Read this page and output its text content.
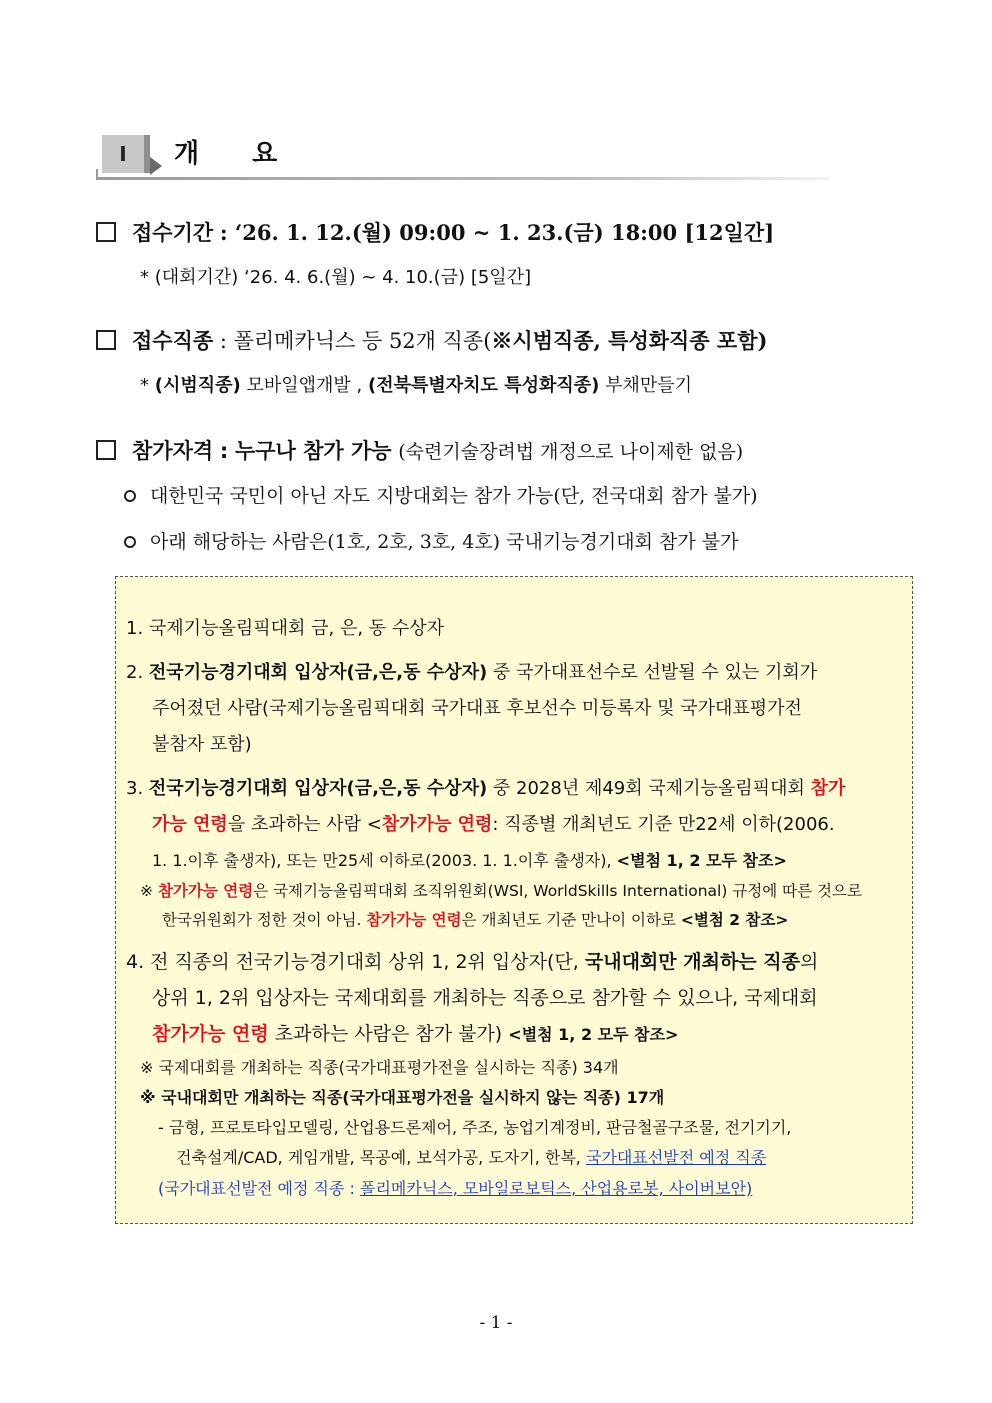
Ⅰ	개 요
접수기간 : ‘26. 1. 12.(월) 09:00 ~ 1. 23.(금) 18:00 [12일간]
* (대회기간) ‘26. 4. 6.(월) ~ 4. 10.(금) [5일간]
접수직종 : 폴리메카닉스 등 52개 직종(※시범직종, 특성화직종 포함)
* (시범직종) 모바일앱개발 , (전북특별자치도 특성화직종) 부채만들기
참가자격 : 누구나 참가 가능 (숙련기술장려법 개정으로 나이제한 없음)
대한민국 국민이 아닌 자도 지방대회는 참가 가능(단, 전국대회 참가 불가)
아래 해당하는 사람은(1호, 2호, 3호, 4호) 국내기능경기대회 참가 불가
1. 국제기능올림픽대회 금, 은, 동 수상자
2. 전국기능경기대회 입상자(금,은,동 수상자) 중 국가대표선수로 선발될 수 있는 기회가
주어졌던 사람(국제기능올림픽대회 국가대표 후보선수 미등록자 및 국가대표평가전
불참자 포함)
3. 전국기능경기대회 입상자(금,은,동 수상자) 중 2028년 제49회 국제기능올림픽대회 참가
가능 연령을 초과하는 사람 <참가가능 연령: 직종별 개최년도 기준 만22세 이하(2006.
1. 1.이후 출생자), 또는 만25세 이하로(2003. 1. 1.이후 출생자), <별첨 1, 2 모두 참조>
※ 참가가능 연령은 국제기능올림픽대회 조직위원회(WSI, WorldSkills International) 규정에 따른 것으로
한국위원회가 정한 것이 아님. 참가가능 연령은 개최년도 기준 만나이 이하로 <별첨 2 참조>
4. 전 직종의 전국기능경기대회 상위 1, 2위 입상자(단, 국내대회만 개최하는 직종의
상위 1, 2위 입상자는 국제대회를 개최하는 직종으로 참가할 수 있으나, 국제대회
참가가능 연령 초과하는 사람은 참가 불가) <별첨 1, 2 모두 참조>
※ 국제대회를 개최하는 직종(국가대표평가전을 실시하는 직종) 34개
※ 국내대회만 개최하는 직종(국가대표평가전을 실시하지 않는 직종) 17개
- 금형, 프로토타입모델링, 산업용드론제어, 주조, 농업기계정비, 판금철골구조물, 전기기기,
건축설계/CAD, 게임개발, 목공예, 보석가공, 도자기, 한복, 국가대표선발전 예정 직종
(국가대표선발전 예정 직종 : 폴리메카닉스, 모바일로보틱스, 산업용로봇, 사이버보안)
- 1 -
